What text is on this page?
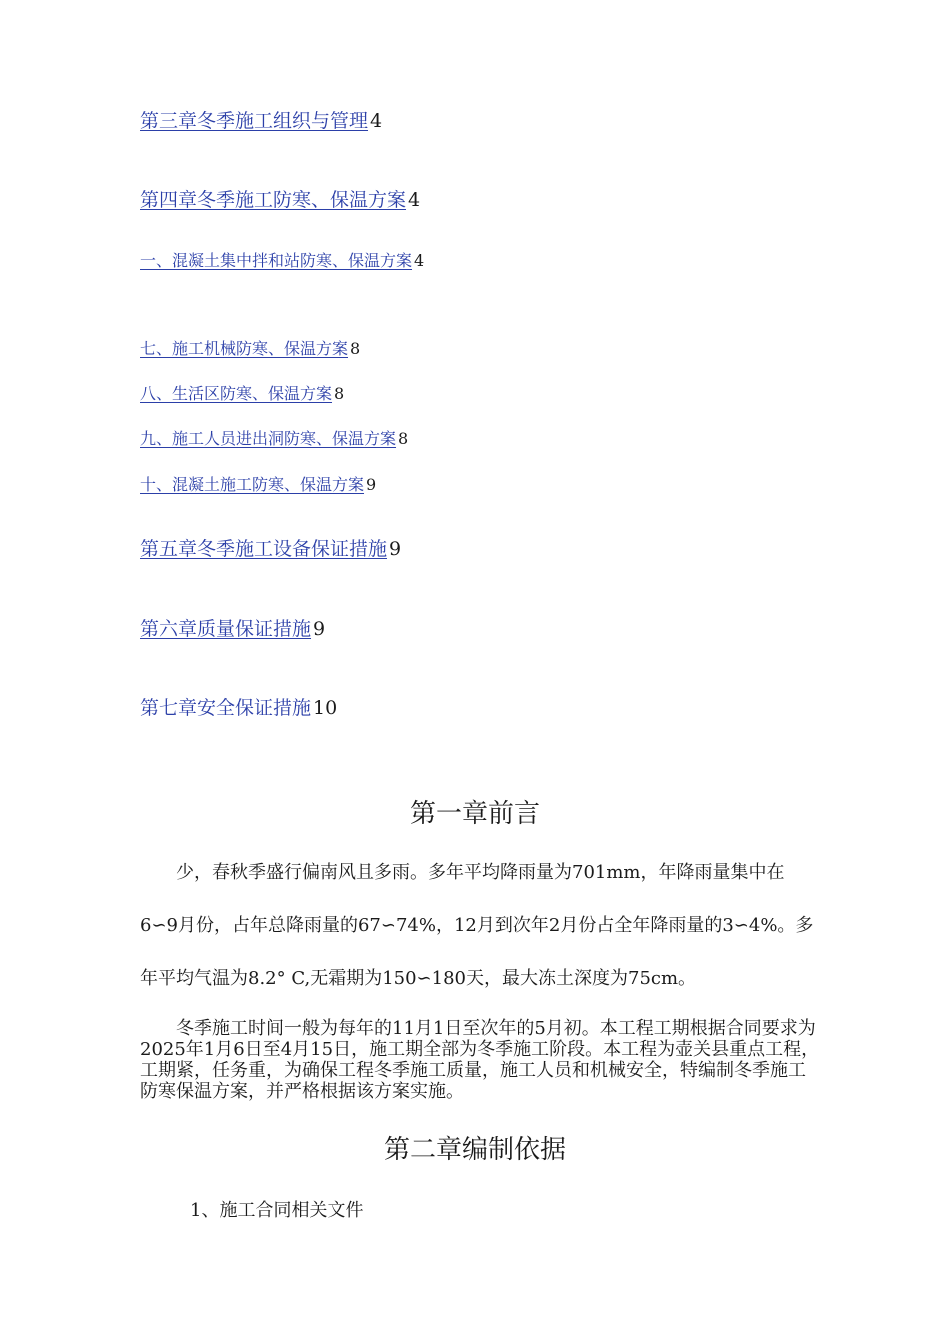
第三章冬季施工组织与管理 4
第四章冬季施工防寒、保温方案 4
一、混凝土集中拌和站防寒、保温方案 4
七、施工机械防寒、保温方案 8
八、生活区防寒、保温方案 8
九、施工人员进出洞防寒、保温方案 8
十、混凝土施工防寒、保温方案 9
第五章冬季施工设备保证措施 9
第六章质量保证措施 9
第七章安全保证措施 10
第一章前言
少，春秋季盛行偏南风且多雨。多年平均降雨量为701mm，年降雨量集中在6∽9月份，占年总降雨量的67∽74%，12月到次年2月份占全年降雨量的3∽4%。多年平均气温为8.2° C,无霜期为150∽180天，最大冻土深度为75cm。
冬季施工时间一般为每年的11月1日至次年的5月初。本工程工期根据合同要求为2025年1月6日至4月15日，施工期全部为冬季施工阶段。本工程为壶关县重点工程，工期紧，任务重，为确保工程冬季施工质量，施工人员和机械安全，特编制冬季施工防寒保温方案，并严格根据该方案实施。
第二章编制依据
1、施工合同相关文件
